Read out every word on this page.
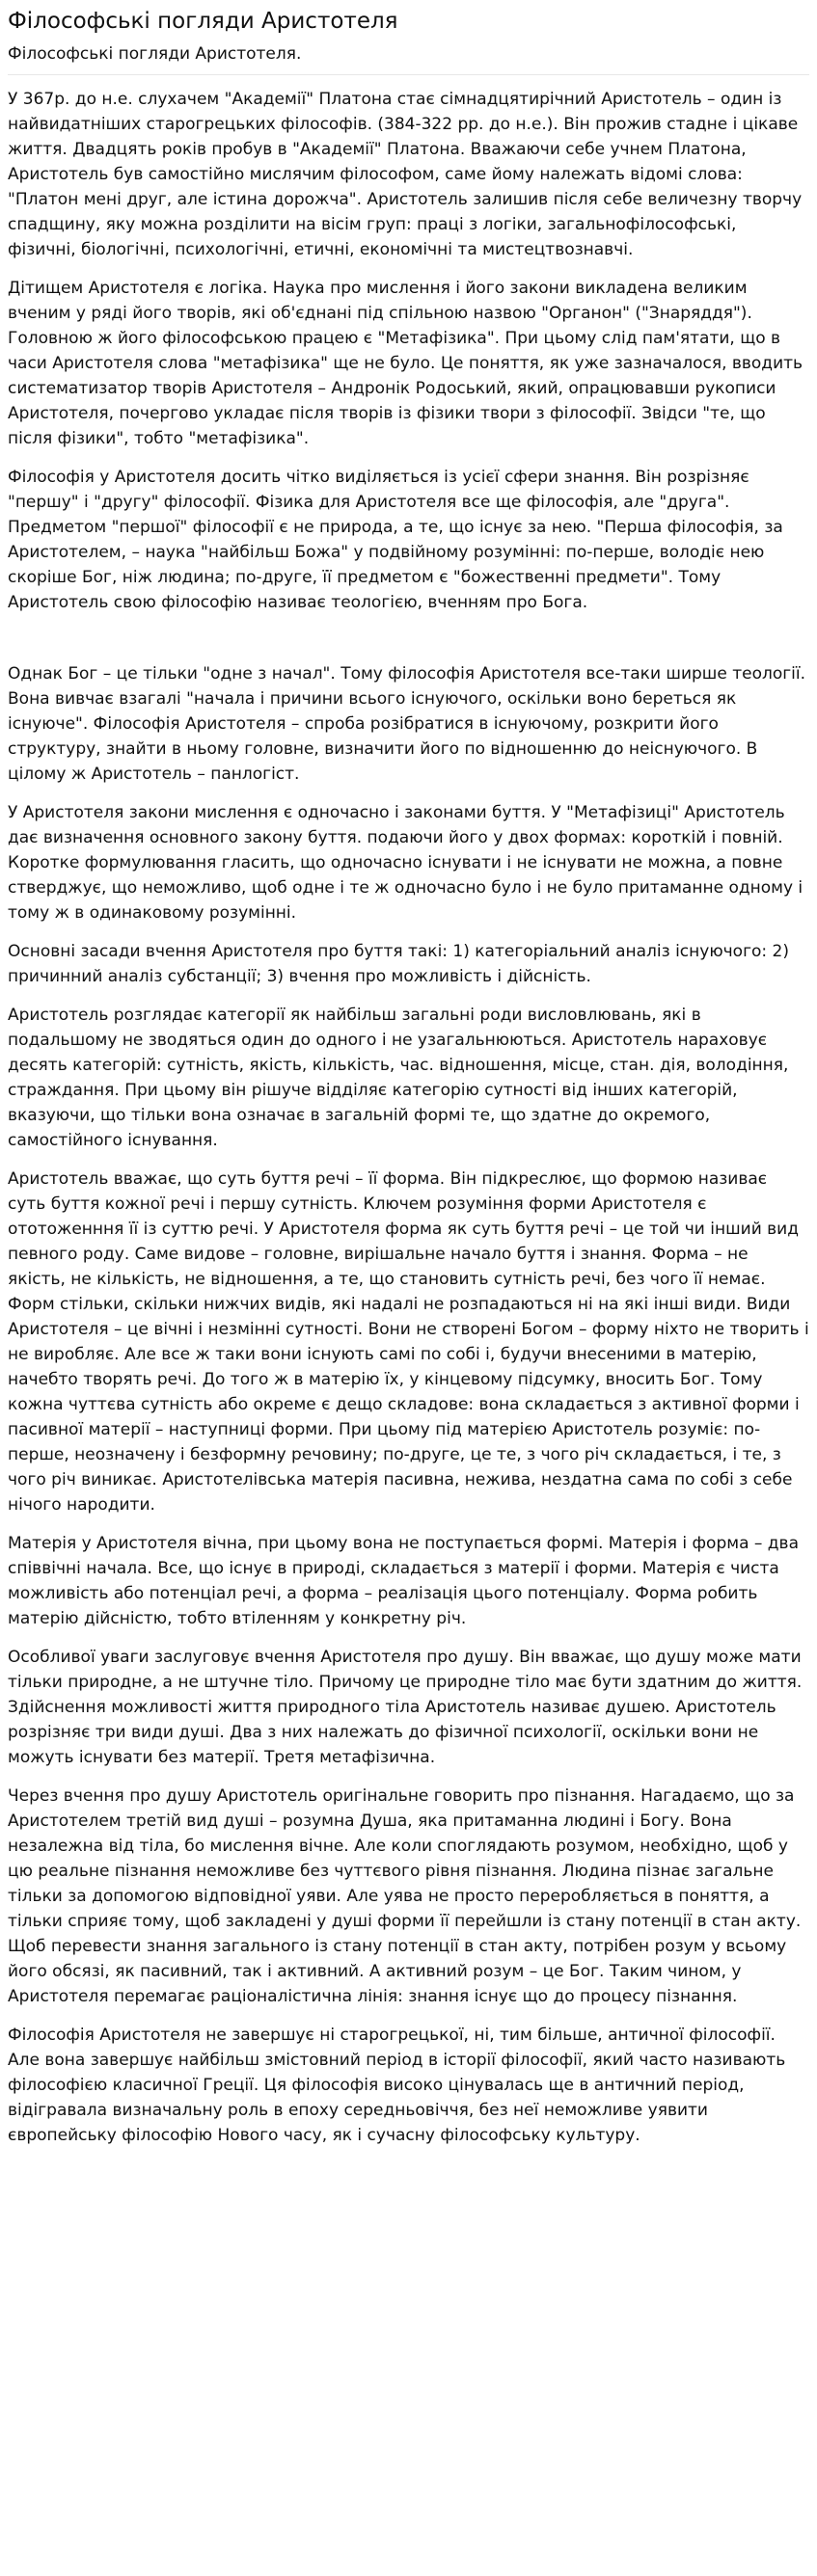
Філософські погляди Аристотеля
Філософські погляди Аристотеля.

У 367р. до н.е. слухачем "Академії" Платона стає сімнадцятирічний Аристотель – один із найвидатніших старогрецьких філософів. (384-322 рр. до н.е.). Він прожив стадне і цікаве життя. Двадцять років пробув в "Академії" Платона. Вважаючи себе учнем Платона, Аристотель був самостійно мислячим філософом, саме йому належать відомі слова: "Платон мені друг, але істина дорожча". Аристотель залишив після себе величезну творчу спадщину, яку можна розділити на вісім груп: праці з логіки, загальнофілософські, фізичні, біологічні, психологічні, етичні, економічні та мистецтвознавчі.

Дітищем Аристотеля є логіка. Наука про мислення і його закони викладена великим вченим у ряді його творів, які об'єднані під спільною назвою "Органон" ("Знаряддя"). Головною ж його філософською працею є "Метафізика". При цьому слід пам'ятати, що в часи Аристотеля слова "метафізика" ще не було. Це поняття, як уже зазначалося, вводить систематизатор творів Аристотеля – Андронік Родоський, який, опрацювавши рукописи Аристотеля, почергово укладає після творів із фізики твори з філософії. Звідси "те, що після фізики", тобто "метафізика".

Філософія у Аристотеля досить чітко виділяється із усієї сфери знання. Він розрізняє "першу" і "другу" філософії. Фізика для Аристотеля все ще філософія, але "друга". Предметом "першої" філософії є не природа, а те, що існує за нею. "Перша філософія, за Аристотелем, – наука "найбільш Божа" у подвійному розумінні: по-перше, володіє нею скоріше Бог, ніж людина; по-друге, її предметом є "божественні предмети". Тому Аристотель свою філософію називає теологією, вченням про Бога.

Однак Бог – це тільки "одне з начал". Тому філософія Аристотеля все-таки ширше теології. Вона вивчає взагалі "начала і причини всього існуючого, оскільки воно береться як існуюче". Філософія Аристотеля – спроба розібратися в існуючому, розкрити його структуру, знайти в ньому головне, визначити його по відношенню до неіснуючого. В цілому ж Аристотель – панлогіст.

У Аристотеля закони мислення є одночасно і законами буття. У "Метафізиці" Аристотель дає визначення основного закону буття. подаючи його у двох формах: короткій і повній. Коротке формулювання гласить, що одночасно існувати і не існувати не можна, а повне стверджує, що неможливо, щоб одне і те ж одночасно було і не було притаманне одному і тому ж в одинаковому розумінні.

Основні засади вчення Аристотеля про буття такі: 1) категоріальний аналіз існуючого: 2) причинний аналіз субстанції; 3) вчення про можливість і дійсність.

Аристотель розглядає категорії як найбільш загальні роди висловлювань, які в подальшому не зводяться один до одного і не узагальнюються. Аристотель нараховує десять категорій: сутність, якість, кількість, час. відношення, місце, стан. дія, володіння, страждання. При цьому він рішуче відділяє категорію сутності від інших категорій, вказуючи, що тільки вона означає в загальній формі те, що здатне до окремого, самостійного існування.

Аристотель вважає, що суть буття речі – її форма. Він підкреслює, що формою називає суть буття кожної речі і першу сутність. Ключем розуміння форми Аристотеля є ототоженння її із суттю речі. У Аристотеля форма як суть буття речі – це той чи інший вид певного роду. Саме видове – головне, вирішальне начало буття і знання. Форма – не якість, не кількість, не відношення, а те, що становить сутність речі, без чого її немає. Форм стільки, скільки нижчих видів, які надалі не розпадаються ні на які інші види. Види Аристотеля – це вічні і незмінні сутності. Вони не створені Богом – форму ніхто не творить і не виробляє. Але все ж таки вони існують самі по собі і, будучи внесеними в матерію, начебто творять речі. До того ж в матерію їх, у кінцевому підсумку, вносить Бог. Тому кожна чуттєва сутність або окреме є дещо складове: вона складається з активної форми і пасивної матерії – наступниці форми. При цьому під матерією Аристотель розуміє: по-перше, неозначену і безформну речовину; по-друге, це те, з чого річ складається, і те, з чого річ виникає. Аристотелівська матерія пасивна, нежива, нездатна сама по собі з себе нічого народити.

Матерія у Аристотеля вічна, при цьому вона не поступається формі. Матерія і форма – два співвічні начала. Все, що існує в природі, складається з матерії і форми. Матерія є чиста можливість або потенціал речі, а форма – реалізація цього потенціалу. Форма робить матерію дійсністю, тобто втіленням у конкретну річ.

Особливої уваги заслуговує вчення Аристотеля про душу. Він вважає, що душу може мати тільки природне, а не штучне тіло. Причому це природне тіло має бути здатним до життя. Здійснення можливості життя природного тіла Аристотель називає душею. Аристотель розрізняє три види душі. Два з них належать до фізичної психології, оскільки вони не можуть існувати без матерії. Третя метафізична.

Через вчення про душу Аристотель оригінальне говорить про пізнання. Нагадаємо, що за Аристотелем третій вид душі – розумна Душа, яка притаманна людині і Богу. Вона незалежна від тіла, бо мислення вічне. Але коли споглядають розумом, необхідно, щоб у цю реальне пізнання неможливе без чуттєвого рівня пізнання. Людина пізнає загальне тільки за допомогою відповідної уяви. Але уява не просто переробляється в поняття, а тільки сприяє тому, щоб закладені у душі форми її перейшли із стану потенції в стан акту. Щоб перевести знання загального із стану потенції в стан акту, потрібен розум у всьому його обсязі, як пасивний, так і активний. А активний розум – це Бог. Таким чином, у Аристотеля перемагає раціоналістична лінія: знання існує що до процесу пізнання.

Філософія Аристотеля не завершує ні старогрецької, ні, тим більше, античної філософії. Але вона завершує найбільш змістовний період в історії філософії, який часто називають філософією класичної Греції. Ця філософія високо цінувалась ще в античний період, відігравала визначальну роль в епоху середньовіччя, без неї неможливе уявити європейську філософію Нового часу, як і сучасну філософську культуру.
